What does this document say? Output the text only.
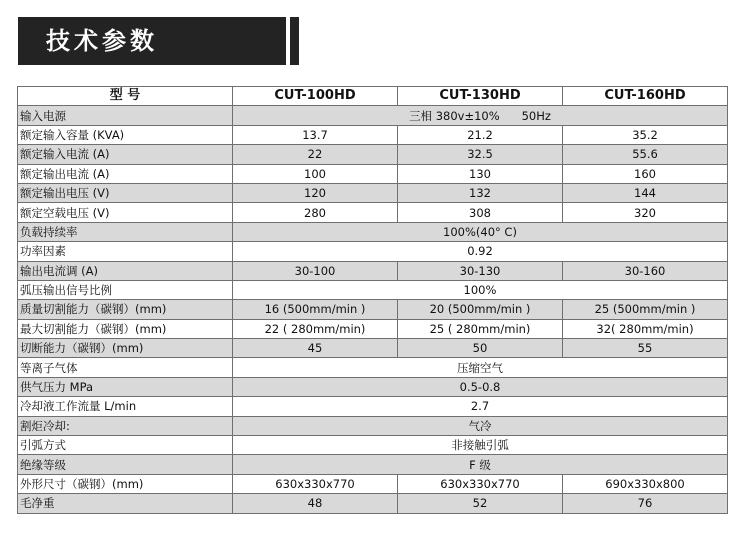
技术参数
型 号	CUT-100HD	CUT-130HD	CUT-160HD
输入电源	三相 380v±10%      50Hz		
额定输入容量 (KVA)	13.7	21.2	35.2
额定输入电流 (A)	22	32.5	55.6
额定输出电流 (A)	100	130	160
额定输出电压 (V)	120	132	144
额定空载电压 (V)	280	308	320
负载持续率	100%(40° C)		
功率因素	0.92		
输出电流调 (A)	30-100	30-130	30-160
弧压输出信号比例	100%		
质量切割能力（碳钢）(mm)	16 (500mm/min )	20 (500mm/min )	25 (500mm/min )
最大切割能力（碳钢）(mm)	22 ( 280mm/min)	25 ( 280mm/min)	32( 280mm/min)
切断能力（碳钢）(mm)	45	50	55
等离子气体	压缩空气		
供气压力 MPa	0.5-0.8		
冷却液工作流量 L/min	2.7		
割炬冷却:	气冷		
引弧方式	非接触引弧		
绝缘等级	F 级		
外形尺寸（碳钢）(mm)	630x330x770	630x330x770	690x330x800
毛净重	48	52	76
